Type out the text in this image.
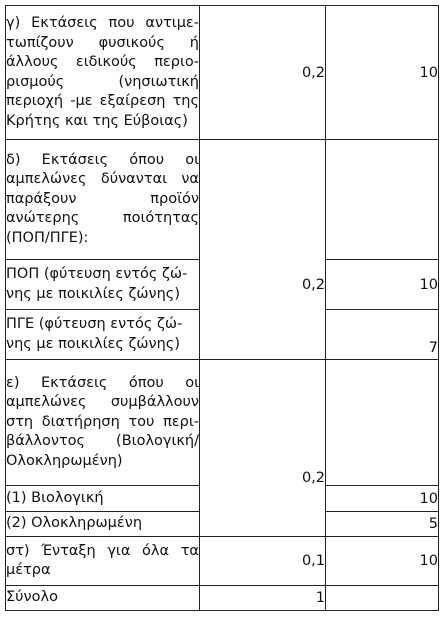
γ) Εκτάσεις που αντιμε- τωπίζουν φυσικούς ή άλλους ειδικούς περιο- ρισμούς (νησιωτική περιοχή -με εξαίρεση της Κρήτης και της Εύβοιας)	0,2	10
δ) Εκτάσεις όπου οι αμπελώνες δύνανται να παράξουν προϊόν ανώτερης ποιότητας (ΠΟΠ/ΠΓΕ):	0,2	
ΠΟΠ (φύτευση εντός ζώ- νης με ποικιλίες ζώνης)		10
ΠΓΕ (φύτευση εντός ζώ- νης με ποικιλίες ζώνης)		7
ε) Εκτάσεις όπου οι αμπελώνες συμβάλλουν στη διατήρηση του περι- βάλλοντος (Βιολογική/ Ολοκληρωμένη)	0,2	
(1) Βιολογική		10
(2) Ολοκληρωμένη		5
στ) Ένταξη για όλα τα μέτρα	0,1	10
Σύνολο	1	
